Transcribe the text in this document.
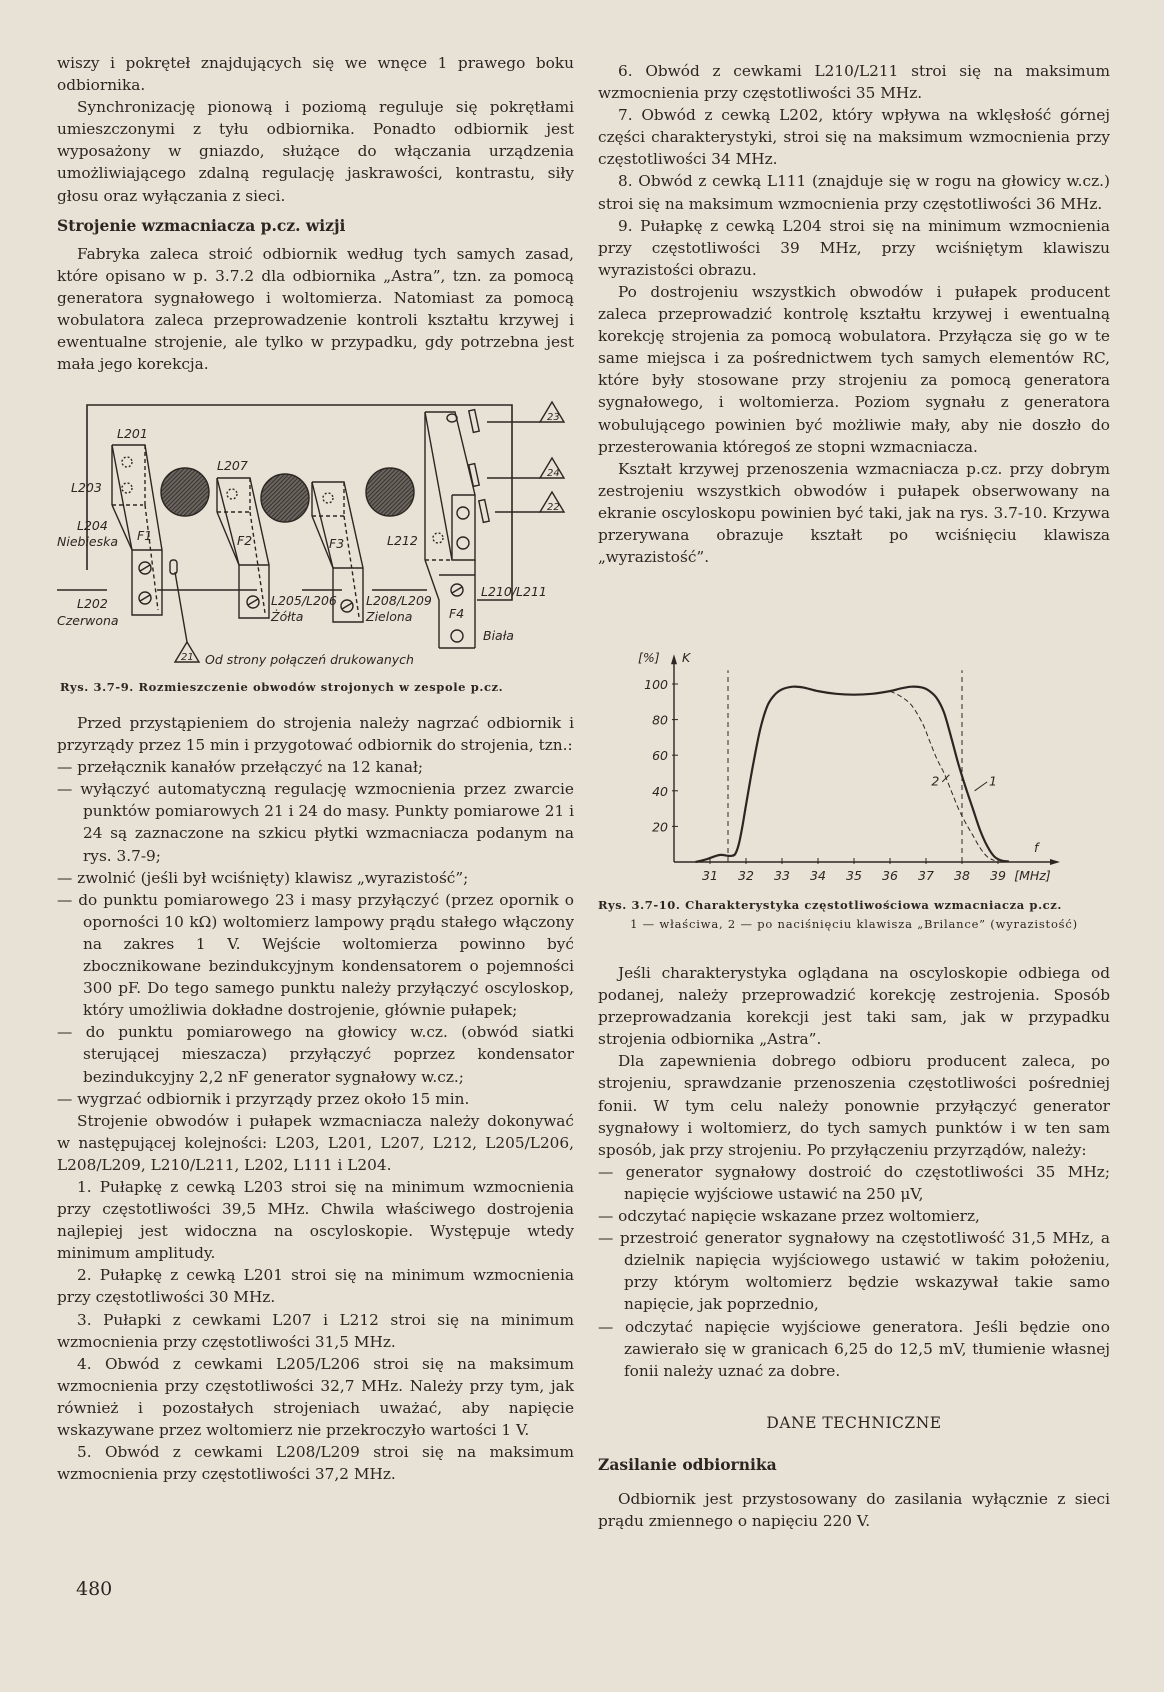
wiszy i pokręteł znajdujących się we wnęce 1 prawego boku odbiornika.

Synchronizację pionową i poziomą reguluje się pokrętłami umieszczonymi z tyłu odbiornika. Ponadto odbiornik jest wyposażony w gniazdo, służące do włączania urządzenia umożliwiającego zdalną regulację jaskrawości, kontrastu, siły głosu oraz wyłączania z sieci.

Strojenie wzmacniacza p.cz. wizji

Fabryka zaleca stroić odbiornik według tych samych zasad, które opisano w p. 3.7.2 dla odbiornika „Astra”, tzn. za pomocą generatora sygnałowego i woltomierza. Natomiast za pomocą wobulatora zaleca przeprowadzenie kontroli kształtu krzywej i ewentualne strojenie, ale tylko w przypadku, gdy potrzebna jest mała jego korekcja.

L201
L203
L204
Niebieska
L202
Czerwona
F1
L207
F2
L205/L206
Żółta
F3
L208/L209
Zielona
L212
F4
L210/L211
Biała
21
23
24
22
Od strony połączeń drukowanych
Rys. 3.7-9. Rozmieszczenie obwodów strojonych w zespole p.cz.

Przed przystąpieniem do strojenia należy nagrzać odbiornik i przyrządy przez 15 min i przygotować odbiornik do strojenia, tzn.:

— przełącznik kanałów przełączyć na 12 kanał;

— wyłączyć automatyczną regulację wzmocnienia przez zwarcie punktów pomiarowych 21 i 24 do masy. Punkty pomiarowe 21 i 24 są zaznaczone na szkicu płytki wzmacniacza podanym na rys. 3.7-9;

— zwolnić (jeśli był wciśnięty) klawisz „wyrazistość”;

— do punktu pomiarowego 23 i masy przyłączyć (przez opornik o oporności 10 kΩ) woltomierz lampowy prądu stałego włączony na zakres 1 V. Wejście woltomierza powinno być zbocznikowane bezindukcyjnym kondensatorem o pojemności 300 pF. Do tego samego punktu należy przyłączyć oscyloskop, który umożliwia dokładne dostrojenie, głównie pułapek;

— do punktu pomiarowego na głowicy w.cz. (obwód siatki sterującej mieszacza) przyłączyć poprzez kondensator bezindukcyjny 2,2 nF generator sygnałowy w.cz.;

— wygrzać odbiornik i przyrządy przez około 15 min.

Strojenie obwodów i pułapek wzmacniacza należy dokonywać w następującej kolejności: L203, L201, L207, L212, L205/L206, L208/L209, L210/L211, L202, L111 i L204.

1. Pułapkę z cewką L203 stroi się na minimum wzmocnienia przy częstotliwości 39,5 MHz. Chwila właściwego dostrojenia najlepiej jest widoczna na oscyloskopie. Występuje wtedy minimum amplitudy.

2. Pułapkę z cewką L201 stroi się na minimum wzmocnienia przy częstotliwości 30 MHz.

3. Pułapki z cewkami L207 i L212 stroi się na minimum wzmocnienia przy częstotliwości 31,5 MHz.

4. Obwód z cewkami L205/L206 stroi się na maksimum wzmocnienia przy częstotliwości 32,7 MHz. Należy przy tym, jak również i pozostałych strojeniach uważać, aby napięcie wskazywane przez woltomierz nie przekroczyło wartości 1 V.

5. Obwód z cewkami L208/L209 stroi się na maksimum wzmocnienia przy częstotliwości 37,2 MHz.

480

6. Obwód z cewkami L210/L211 stroi się na maksimum wzmocnienia przy częstotliwości 35 MHz.

7. Obwód z cewką L202, który wpływa na wklęsłość górnej części charakterystyki, stroi się na maksimum wzmocnienia przy częstotliwości 34 MHz.

8. Obwód z cewką L111 (znajduje się w rogu na głowicy w.cz.) stroi się na maksimum wzmocnienia przy częstotliwości 36 MHz.

9. Pułapkę z cewką L204 stroi się na minimum wzmocnienia przy częstotliwości 39 MHz, przy wciśniętym klawiszu wyrazistości obrazu.

Po dostrojeniu wszystkich obwodów i pułapek producent zaleca przeprowadzić kontrolę kształtu krzywej i ewentualną korekcję strojenia za pomocą wobulatora. Przyłącza się go w te same miejsca i za pośrednictwem tych samych elementów RC, które były stosowane przy strojeniu za pomocą generatora sygnałowego, i woltomierza. Poziom sygnału z generatora wobulującego powinien być możliwie mały, aby nie doszło do przesterowania któregoś ze stopni wzmacniacza.

Kształt krzywej przenoszenia wzmacniacza p.cz. przy dobrym zestrojeniu wszystkich obwodów i pułapek obserwowany na ekranie oscyloskopu powinien być taki, jak na rys. 3.7-10. Krzywa przerywana obrazuje kształt po wciśnięciu klawisza „wyrazistość”.

31 32 33 34 35 36 37 38 39
20
40
60
80
100
[%] K
f
[MHz]
1
2
Rys. 3.7-10. Charakterystyka częstotliwościowa wzmacniacza p.cz.
1 — właściwa, 2 — po naciśnięciu klawisza „Brilance” (wyrazistość)

Jeśli charakterystyka oglądana na oscyloskopie odbiega od podanej, należy przeprowadzić korekcję zestrojenia. Sposób przeprowadzania korekcji jest taki sam, jak w przypadku strojenia odbiornika „Astra”.

Dla zapewnienia dobrego odbioru producent zaleca, po strojeniu, sprawdzanie przenoszenia częstotliwości pośredniej fonii. W tym celu należy ponownie przyłączyć generator sygnałowy i woltomierz, do tych samych punktów i w ten sam sposób, jak przy strojeniu. Po przyłączeniu przyrządów, należy:

— generator sygnałowy dostroić do częstotliwości 35 MHz; napięcie wyjściowe ustawić na 250 μV,

— odczytać napięcie wskazane przez woltomierz,

— przestroić generator sygnałowy na częstotliwość 31,5 MHz, a dzielnik napięcia wyjściowego ustawić w takim położeniu, przy którym woltomierz będzie wskazywał takie samo napięcie, jak poprzednio,

— odczytać napięcie wyjściowe generatora. Jeśli będzie ono zawierało się w granicach 6,25 do 12,5 mV, tłumienie własnej fonii należy uznać za dobre.

DANE TECHNICZNE

Zasilanie odbiornika

Odbiornik jest przystosowany do zasilania wyłącznie z sieci prądu zmiennego o napięciu 220 V.
